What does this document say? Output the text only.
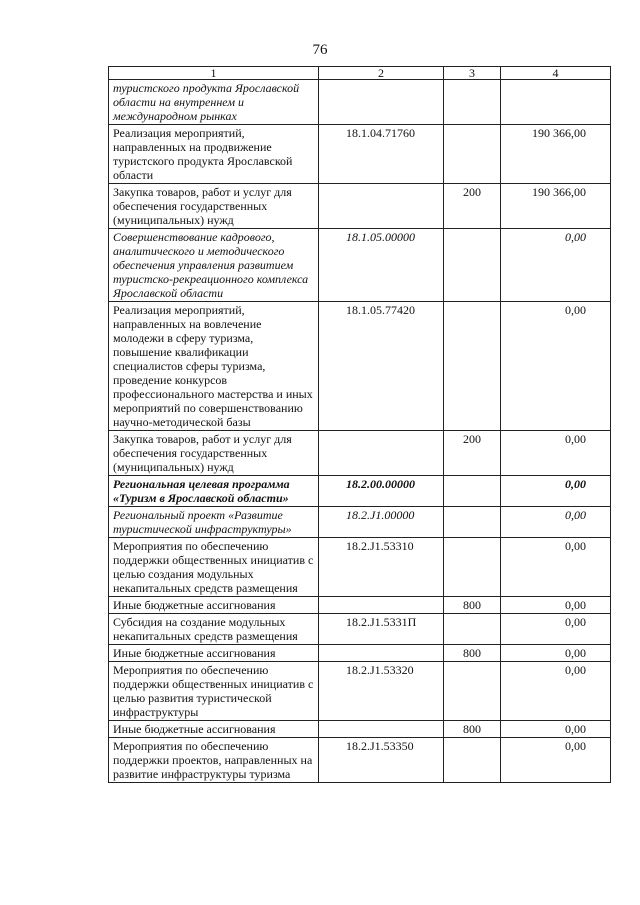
76
1	2	3	4
туристского продукта Ярославской области на внутреннем и международном рынках			
Реализация мероприятий, направленных на продвижение туристского продукта Ярославской области	18.1.04.71760		190 366,00
Закупка товаров, работ и услуг для обеспечения государственных (муниципальных) нужд		200	190 366,00
Совершенствование кадрового, аналитического и методического обеспечения управления развитием туристско-рекреационного комплекса Ярославской области	18.1.05.00000		0,00
Реализация мероприятий, направленных на вовлечение молодежи в сферу туризма, повышение квалификации специалистов сферы туризма, проведение конкурсов профессионального мастерства и иных мероприятий по совершенствованию научно-методической базы	18.1.05.77420		0,00
Закупка товаров, работ и услуг для обеспечения государственных (муниципальных) нужд		200	0,00
Региональная целевая программа «Туризм в Ярославской области»	18.2.00.00000		0,00
Региональный проект «Развитие туристической инфраструктуры»	18.2.J1.00000		0,00
Мероприятия по обеспечению поддержки общественных инициатив с целью создания модульных некапитальных средств размещения	18.2.J1.53310		0,00
Иные бюджетные ассигнования		800	0,00
Субсидия на создание модульных некапитальных средств размещения	18.2.J1.5331П		0,00
Иные бюджетные ассигнования		800	0,00
Мероприятия по обеспечению поддержки общественных инициатив с целью развития туристической инфраструктуры	18.2.J1.53320		0,00
Иные бюджетные ассигнования		800	0,00
Мероприятия по обеспечению поддержки проектов, направленных на развитие инфраструктуры туризма	18.2.J1.53350		0,00
